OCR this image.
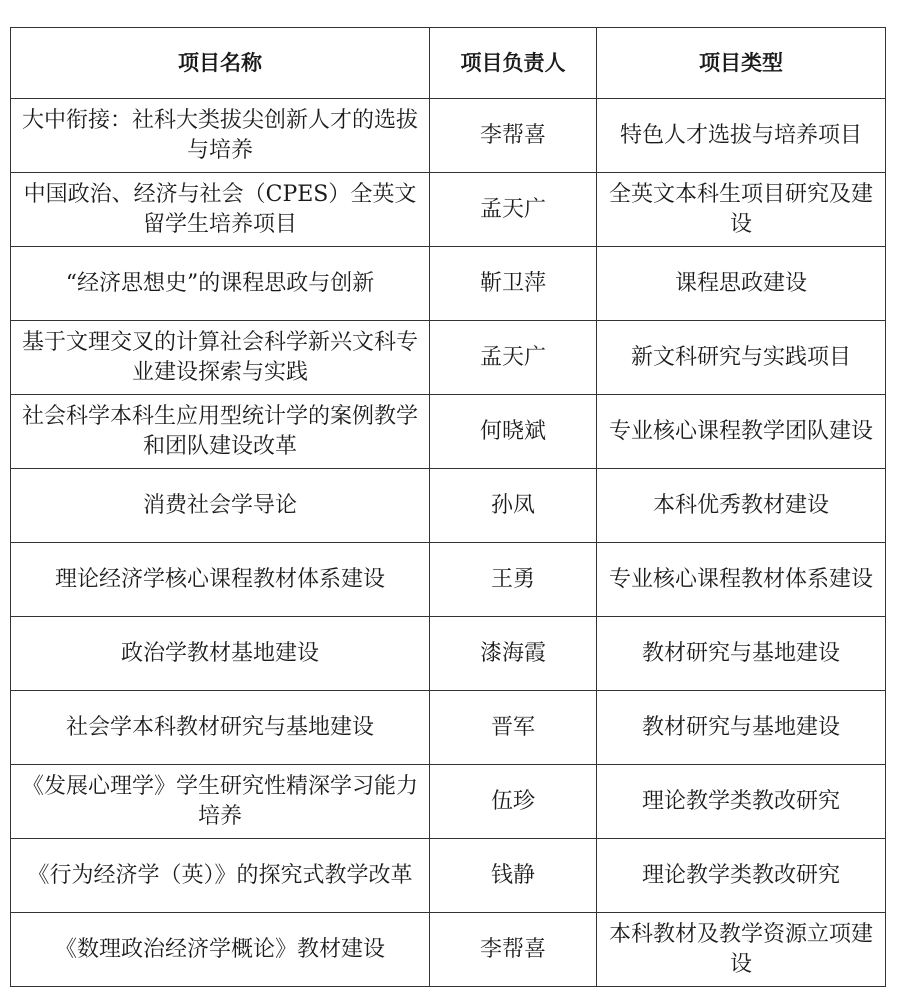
项目名称	项目负责人	项目类型
大中衔接：社科大类拔尖创新人才的选拔与培养	李帮喜	特色人才选拔与培养项目
中国政治、经济与社会（CPES）全英文留学生培养项目	孟天广	全英文本科生项目研究及建设
“经济思想史”的课程思政与创新	靳卫萍	课程思政建设
基于文理交叉的计算社会科学新兴文科专业建设探索与实践	孟天广	新文科研究与实践项目
社会科学本科生应用型统计学的案例教学和团队建设改革	何晓斌	专业核心课程教学团队建设
消费社会学导论	孙凤	本科优秀教材建设
理论经济学核心课程教材体系建设	王勇	专业核心课程教材体系建设
政治学教材基地建设	漆海霞	教材研究与基地建设
社会学本科教材研究与基地建设	晋军	教材研究与基地建设
《发展心理学》学生研究性精深学习能力培养	伍珍	理论教学类教改研究
《行为经济学（英）》的探究式教学改革	钱静	理论教学类教改研究
《数理政治经济学概论》教材建设	李帮喜	本科教材及教学资源立项建设
